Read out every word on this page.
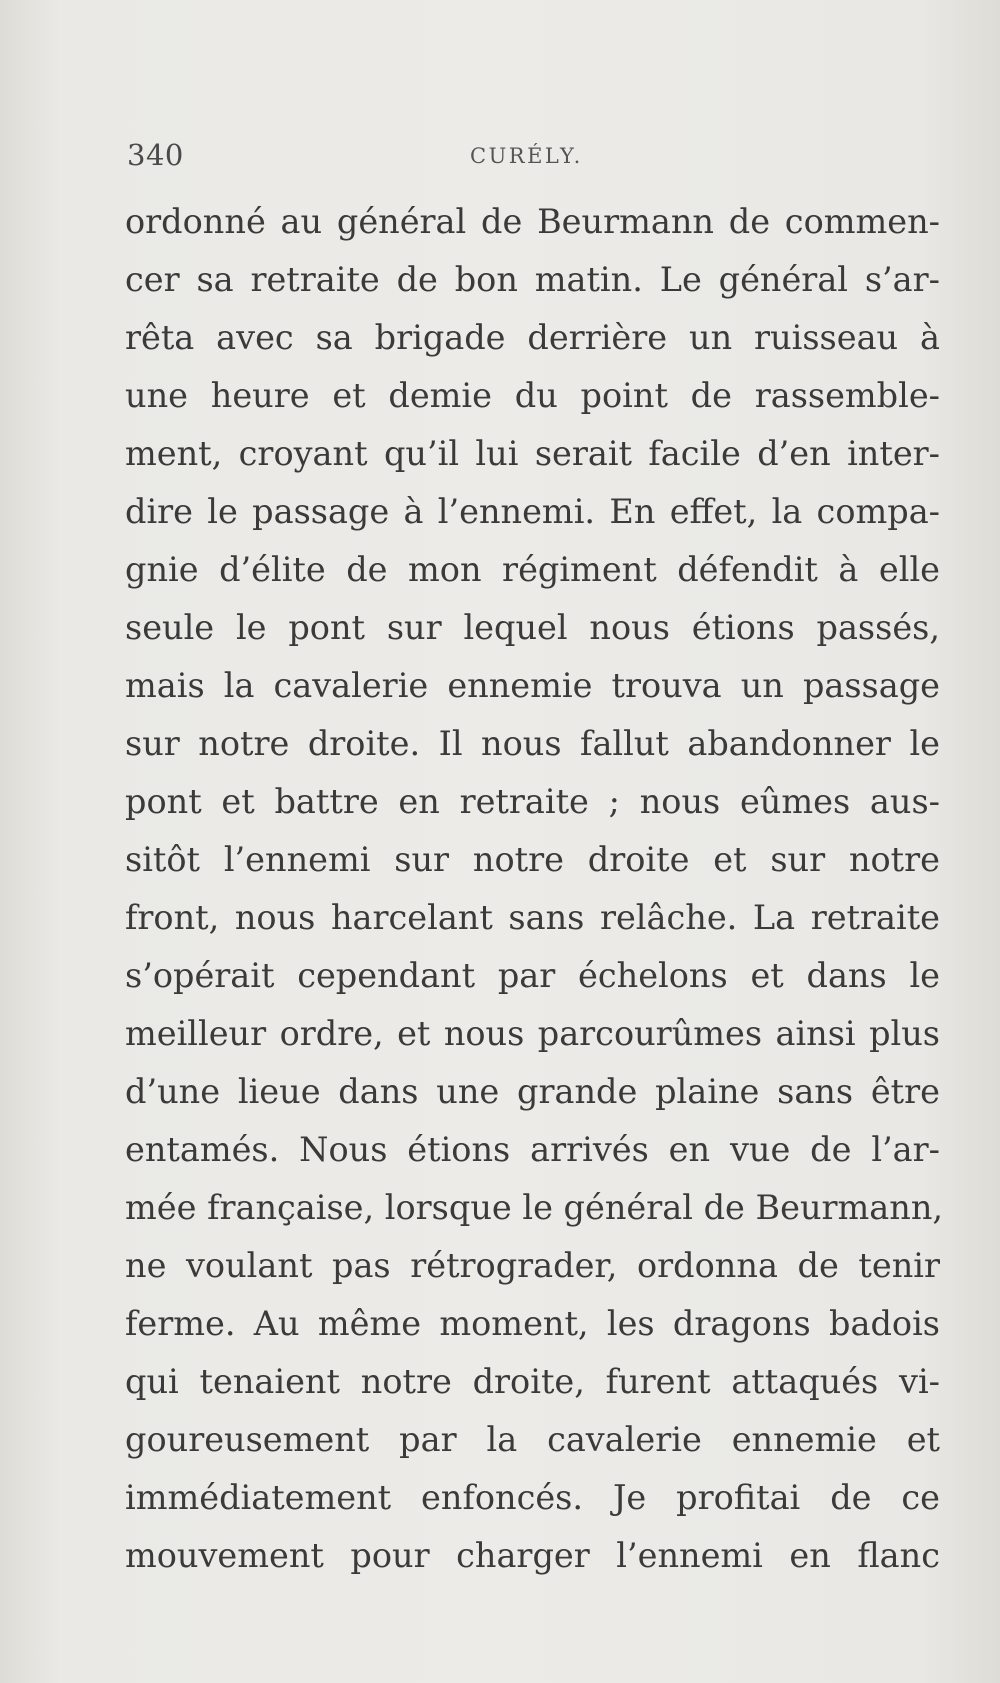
340	CURÉLY.
ordonné au général de Beurmann de commen-
cer sa retraite de bon matin. Le général s’ar-
rêta avec sa brigade derrière un ruisseau à
une heure et demie du point de rassemble-
ment, croyant qu’il lui serait facile d’en inter-
dire le passage à l’ennemi. En effet, la compa-
gnie d’élite de mon régiment défendit à elle
seule le pont sur lequel nous étions passés,
mais la cavalerie ennemie trouva un passage
sur notre droite. Il nous fallut abandonner le
pont et battre en retraite ; nous eûmes aus-
sitôt l’ennemi sur notre droite et sur notre
front, nous harcelant sans relâche. La retraite
s’opérait cependant par échelons et dans le
meilleur ordre, et nous parcourûmes ainsi plus
d’une lieue dans une grande plaine sans être
entamés. Nous étions arrivés en vue de l’ar-
mée française, lorsque le général de Beurmann,
ne voulant pas rétrograder, ordonna de tenir
ferme. Au même moment, les dragons badois
qui tenaient notre droite, furent attaqués vi-
goureusement par la cavalerie ennemie et
immédiatement enfoncés. Je profitai de ce
mouvement pour charger l’ennemi en flanc
